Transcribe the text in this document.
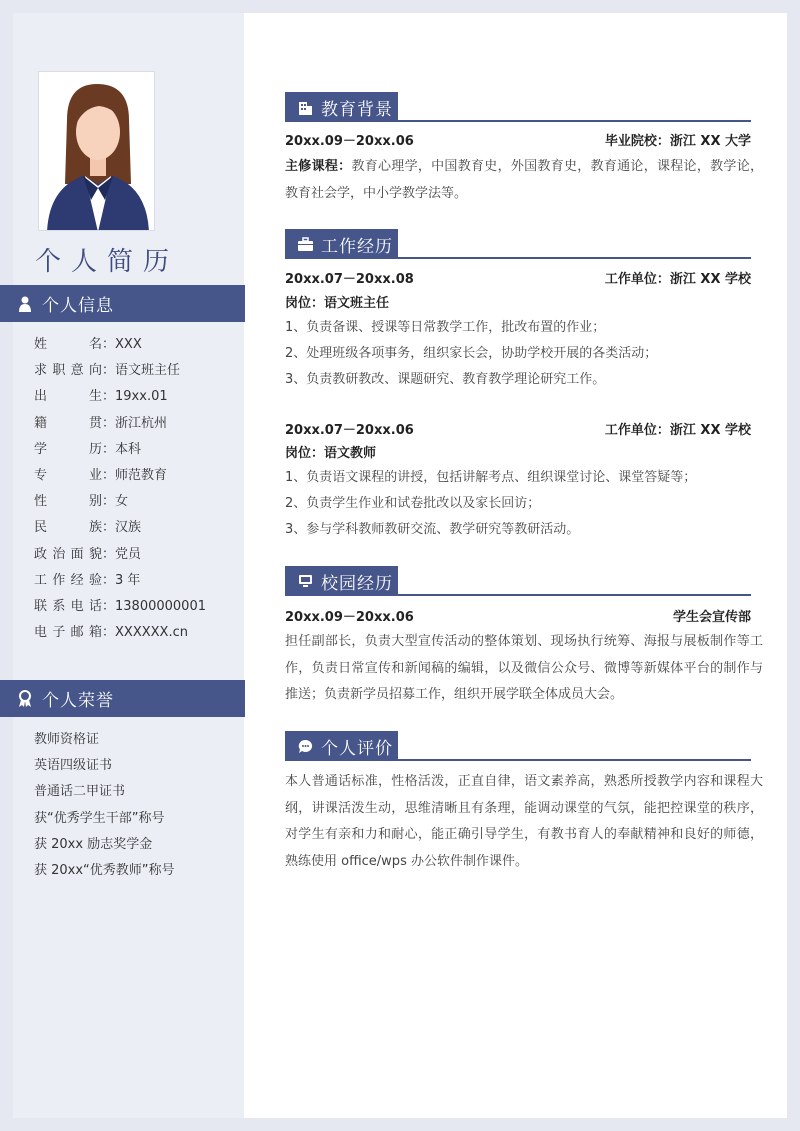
个人简历
个人信息
姓名：XXX
求职意向：语文班主任
出生：19xx.01
籍贯：浙江杭州
学历：本科
专业：师范教育
性别：女
民族：汉族
政治面貌：党员
工作经验：3 年
联系电话：13800000001
电子邮箱：XXXXXX.cn
个人荣誉
教师资格证
英语四级证书
普通话二甲证书
获“优秀学生干部”称号
获 20xx 励志奖学金
获 20xx“优秀教师”称号
教育背景
20xx.09－20xx.06	毕业院校：浙江 XX 大学
主修课程：教育心理学，中国教育史，外国教育史，教育通论，课程论，教学论，教育社会学，中小学教学法等。
工作经历
20xx.07－20xx.08	工作单位：浙江 XX 学校
岗位：语文班主任
1、负责备课、授课等日常教学工作，批改布置的作业；
2、处理班级各项事务，组织家长会，协助学校开展的各类活动；
3、负责教研教改、课题研究、教育教学理论研究工作。
20xx.07－20xx.06	工作单位：浙江 XX 学校
岗位：语文教师
1、负责语文课程的讲授，包括讲解考点、组织课堂讨论、课堂答疑等；
2、负责学生作业和试卷批改以及家长回访；
3、参与学科教师教研交流、教学研究等教研活动。
校园经历
20xx.09－20xx.06	学生会宣传部
担任副部长，负责大型宣传活动的整体策划、现场执行统筹、海报与展板制作等工作，负责日常宣传和新闻稿的编辑，以及微信公众号、微博等新媒体平台的制作与推送；负责新学员招募工作，组织开展学联全体成员大会。
个人评价
本人普通话标准，性格活泼，正直自律，语文素养高，熟悉所授教学内容和课程大纲，讲课活泼生动，思维清晰且有条理，能调动课堂的气氛，能把控课堂的秩序，对学生有亲和力和耐心，能正确引导学生，有教书育人的奉献精神和良好的师德，熟练使用 office/wps 办公软件制作课件。
